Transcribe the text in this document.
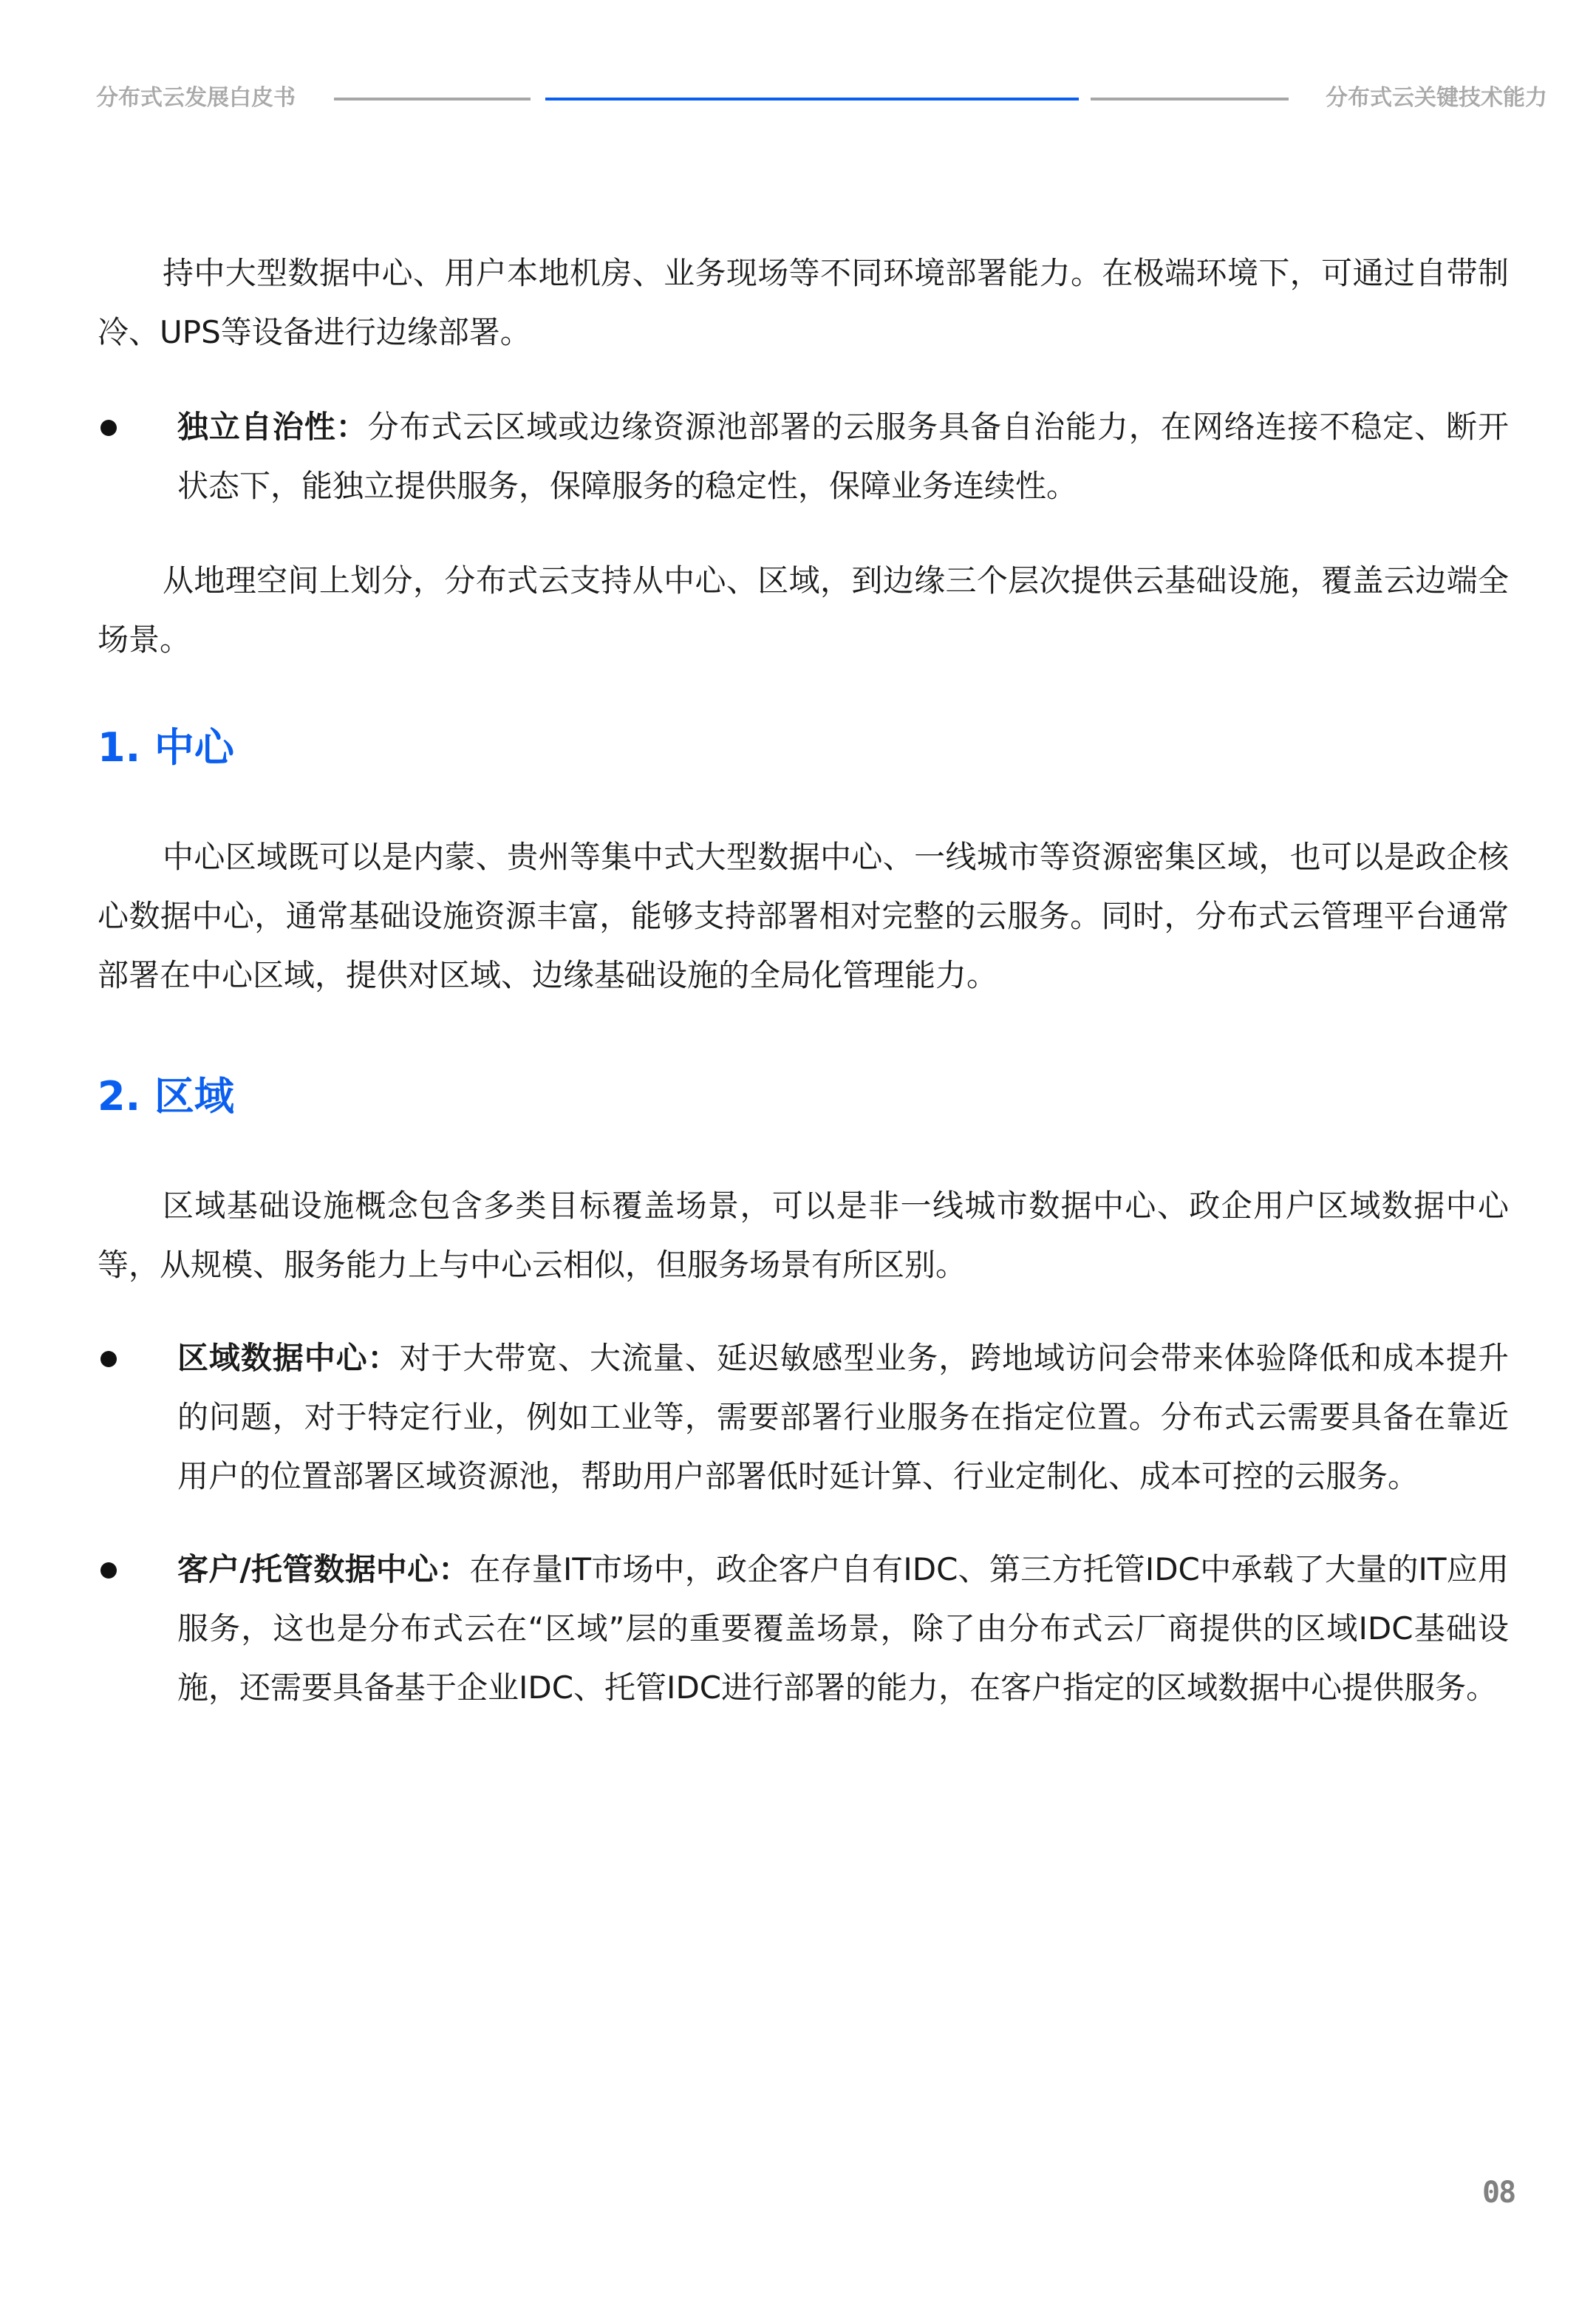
分布式云发展白皮书	分布式云关键技术能力

持中大型数据中心、用户本地机房、业务现场等不同环境部署能力。在极端环境下，可通过自带制冷、UPS等设备进行边缘部署。

独立自治性：分布式云区域或边缘资源池部署的云服务具备自治能力，在网络连接不稳定、断开状态下，能独立提供服务，保障服务的稳定性，保障业务连续性。

从地理空间上划分，分布式云支持从中心、区域，到边缘三个层次提供云基础设施，覆盖云边端全场景。

1. 中心

中心区域既可以是内蒙、贵州等集中式大型数据中心、一线城市等资源密集区域，也可以是政企核心数据中心，通常基础设施资源丰富，能够支持部署相对完整的云服务。同时，分布式云管理平台通常部署在中心区域，提供对区域、边缘基础设施的全局化管理能力。

2. 区域

区域基础设施概念包含多类目标覆盖场景，可以是非一线城市数据中心、政企用户区域数据中心等，从规模、服务能力上与中心云相似，但服务场景有所区别。

区域数据中心：对于大带宽、大流量、延迟敏感型业务，跨地域访问会带来体验降低和成本提升的问题，对于特定行业，例如工业等，需要部署行业服务在指定位置。分布式云需要具备在靠近用户的位置部署区域资源池，帮助用户部署低时延计算、行业定制化、成本可控的云服务。
客户/托管数据中心：在存量IT市场中，政企客户自有IDC、第三方托管IDC中承载了大量的IT应用服务，这也是分布式云在“区域”层的重要覆盖场景，除了由分布式云厂商提供的区域IDC基础设施，还需要具备基于企业IDC、托管IDC进行部署的能力，在客户指定的区域数据中心提供服务。
08
